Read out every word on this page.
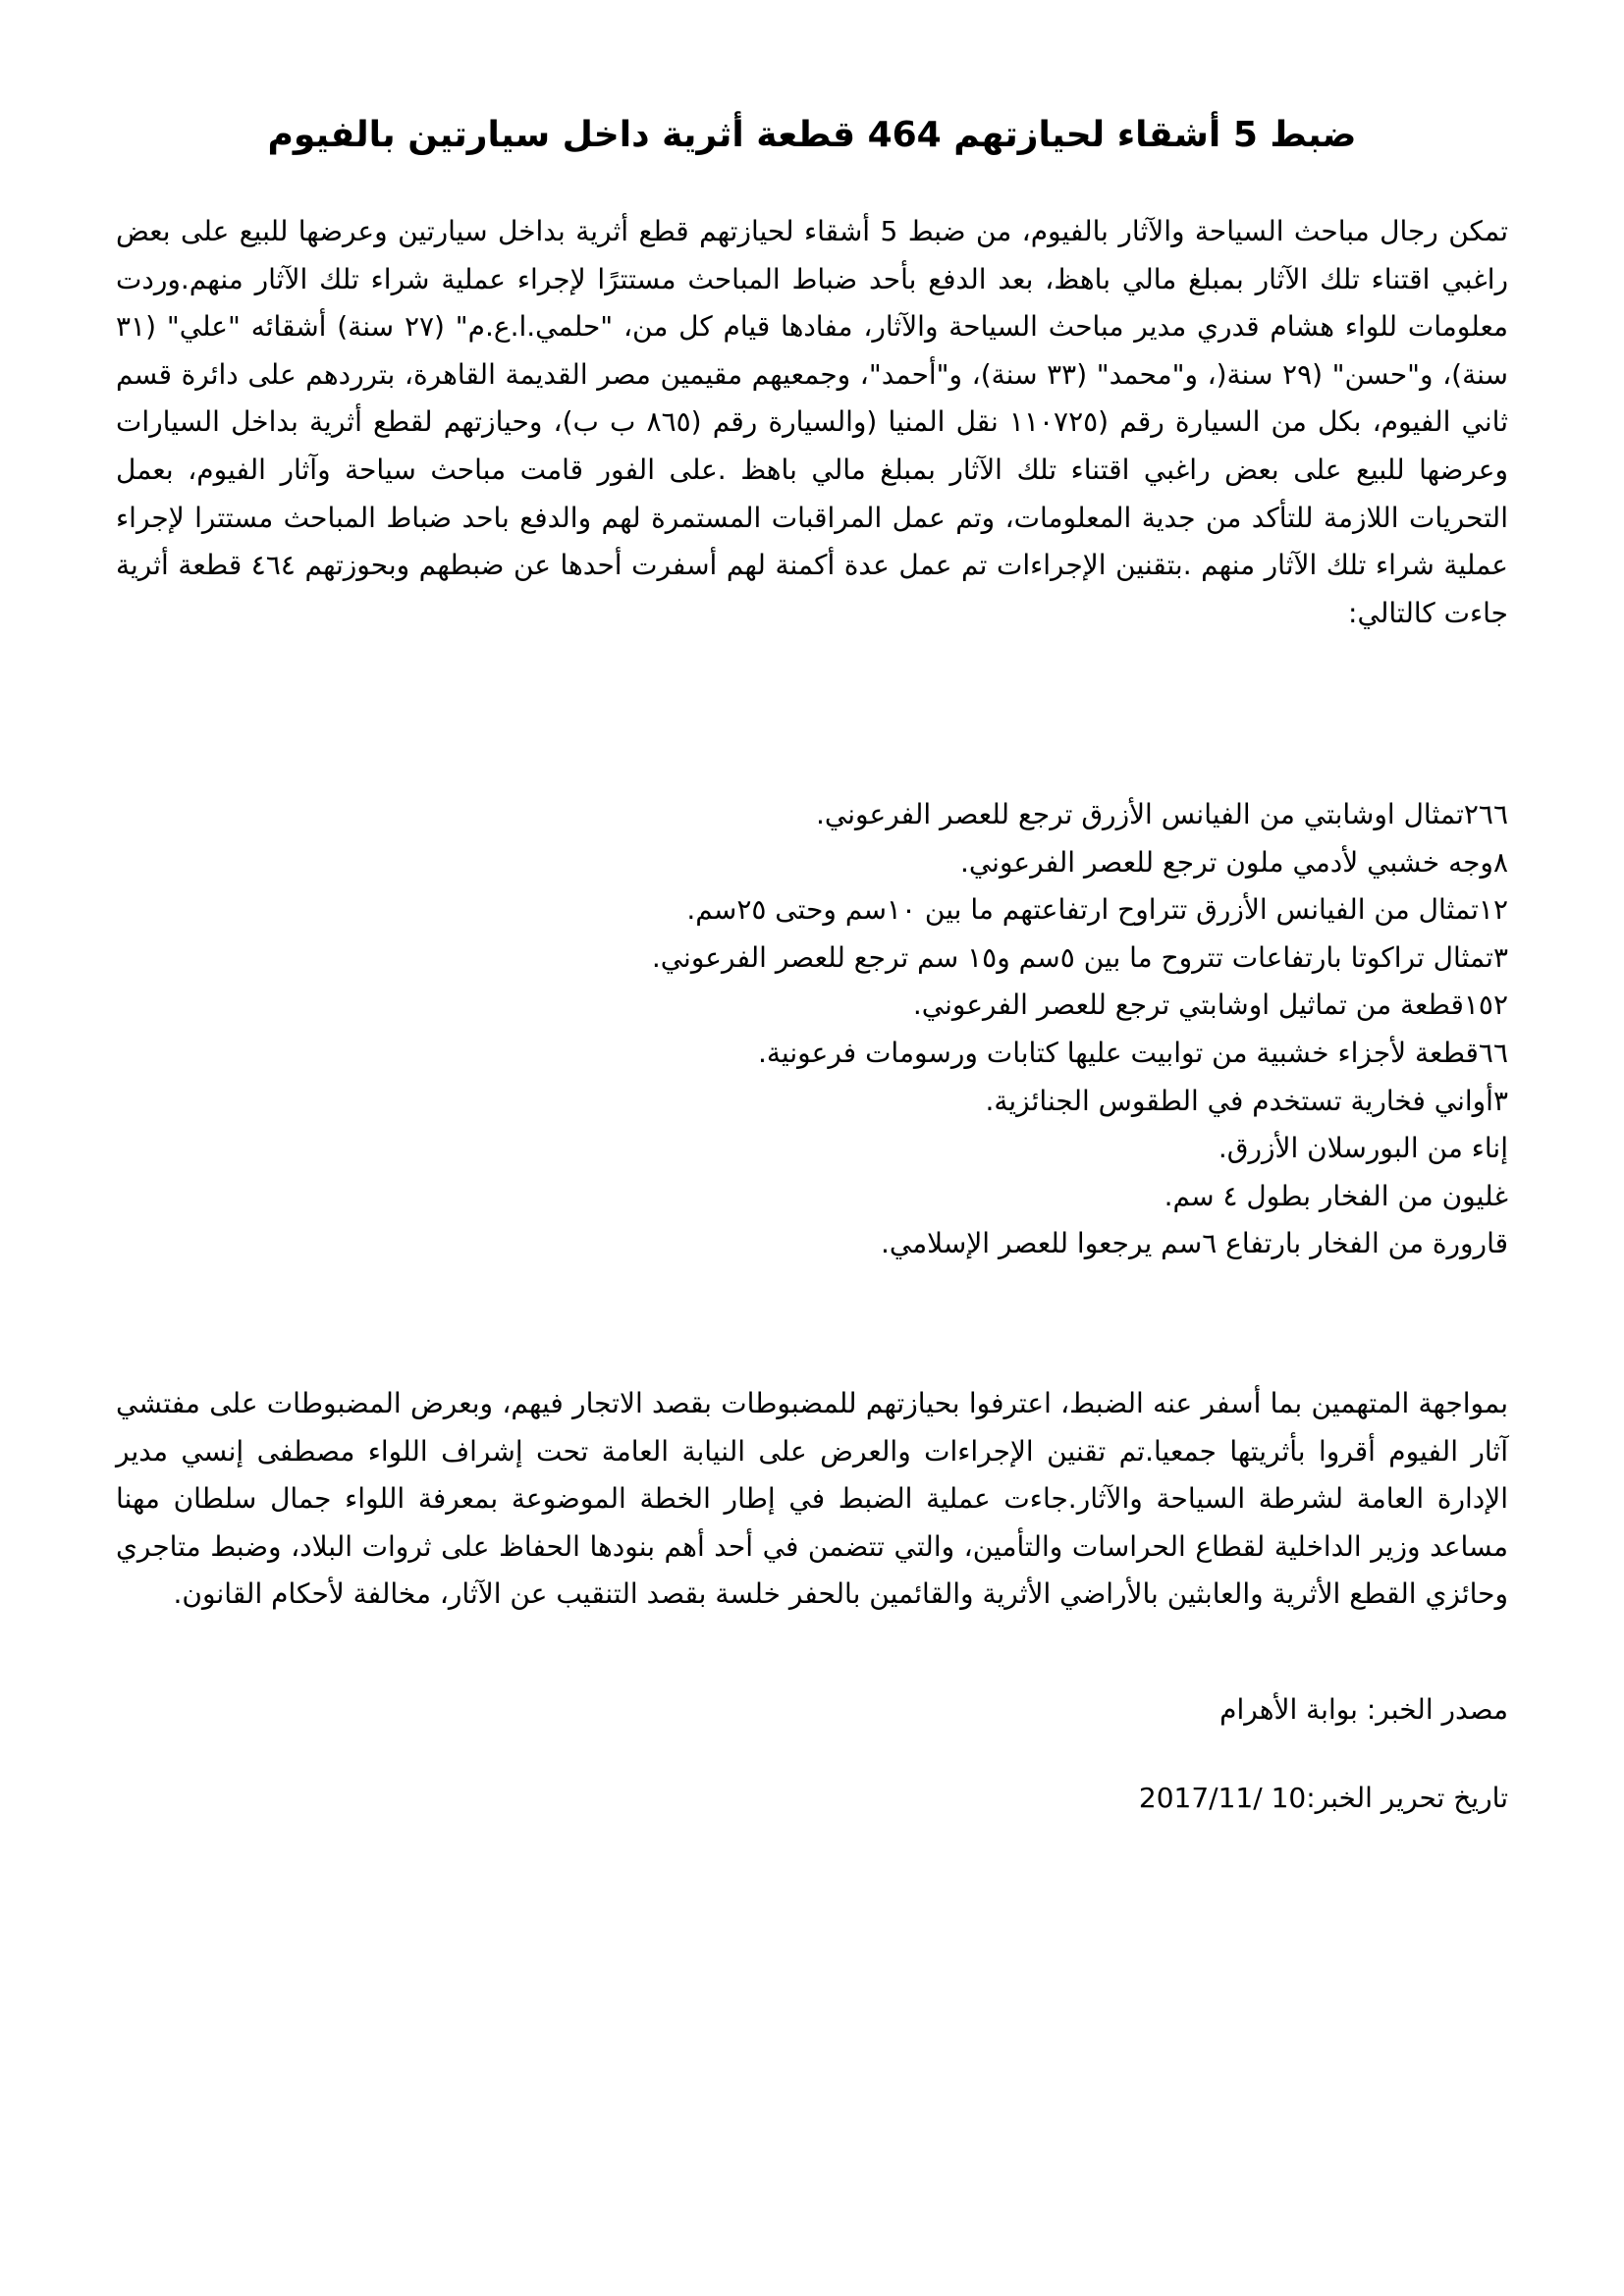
ضبط 5 أشقاء لحيازتهم 464 قطعة أثرية داخل سيارتين بالفيوم

تمكن رجال مباحث السياحة والآثار بالفيوم، من ضبط 5 أشقاء لحيازتهم قطع أثرية بداخل سيارتين وعرضها للبيع على بعض راغبي اقتناء تلك الآثار بمبلغ مالي باهظ، بعد الدفع بأحد ضباط المباحث مستترًا لإجراء عملية شراء تلك الآثار منهم.وردت معلومات للواء هشام قدري مدير مباحث السياحة والآثار، مفادها قيام كل من، "حلمي.ا.ع.م" (٢٧ سنة) أشقائه "علي" (٣١ سنة)، و"حسن" (٢٩ سنة(، و"محمد" (٣٣ سنة)، و"أحمد"، وجمعيهم مقيمين مصر القديمة القاهرة، بترردهم على دائرة قسم ثاني الفيوم، بكل من السيارة رقم (١١٠٧٢٥ نقل المنيا (والسيارة رقم (٨٦٥ ب ب)، وحيازتهم لقطع أثرية بداخل السيارات وعرضها للبيع على بعض راغبي اقتناء تلك الآثار بمبلغ مالي باهظ .على الفور قامت مباحث سياحة وآثار الفيوم، بعمل التحريات اللازمة للتأكد من جدية المعلومات، وتم عمل المراقبات المستمرة لهم والدفع باحد ضباط المباحث مستترا لإجراء عملية شراء تلك الآثار منهم .بتقنين الإجراءات تم عمل عدة أكمنة لهم أسفرت أحدها عن ضبطهم وبحوزتهم ٤٦٤ قطعة أثرية جاءت كالتالي:

٢٦٦تمثال اوشابتي من الفيانس الأزرق ترجع للعصر الفرعوني.
٨وجه خشبي لأدمي ملون ترجع للعصر الفرعوني.
١٢تمثال من الفيانس الأزرق تتراوح ارتفاعتهم ما بين ١٠سم وحتى ٢٥سم.
٣تمثال تراكوتا بارتفاعات تتروح ما بين ٥سم و١٥ سم ترجع للعصر الفرعوني.
١٥٢قطعة من تماثيل اوشابتي ترجع للعصر الفرعوني.
٦٦قطعة لأجزاء خشبية من توابيت عليها كتابات ورسومات فرعونية.
٣أواني فخارية تستخدم في الطقوس الجنائزية.
إناء من البورسلان الأزرق.
غليون من الفخار بطول ٤ سم.
قارورة من الفخار بارتفاع ٦سم يرجعوا للعصر الإسلامي.

بمواجهة المتهمين بما أسفر عنه الضبط، اعترفوا بحيازتهم للمضبوطات بقصد الاتجار فيهم، وبعرض المضبوطات على مفتشي آثار الفيوم أقروا بأثريتها جمعيا.تم تقنين الإجراءات والعرض على النيابة العامة تحت إشراف اللواء مصطفى إنسي مدير الإدارة العامة لشرطة السياحة والآثار.جاءت عملية الضبط في إطار الخطة الموضوعة بمعرفة اللواء جمال سلطان مهنا مساعد وزير الداخلية لقطاع الحراسات والتأمين، والتي تتضمن في أحد أهم بنودها الحفاظ على ثروات البلاد، وضبط متاجري وحائزي القطع الأثرية والعابثين بالأراضي الأثرية والقائمين بالحفر خلسة بقصد التنقيب عن الآثار، مخالفة لأحكام القانون.

مصدر الخبر: بوابة الأهرام

تاريخ تحرير الخبر:10 /2017/11
